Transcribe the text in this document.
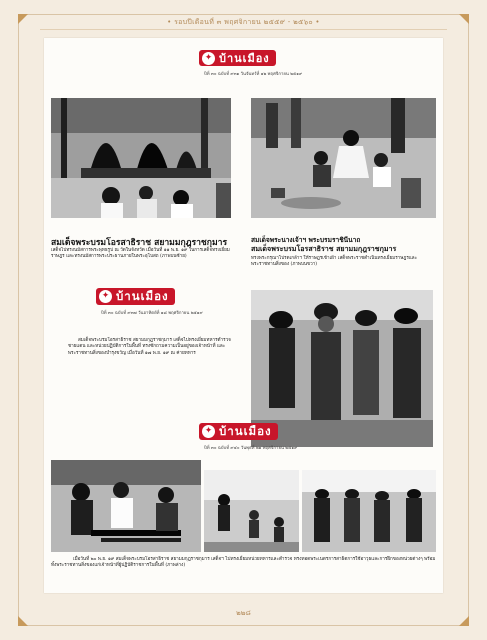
• รอบปีเดือนที่ ๓ พฤศจิกายน ๒๕๕๙ - ๒๕๖๐ •
✦ บ้านเมือง
ปีที่ ๓๐ ฉบับที่ ๙๓๑ วันจันทร์ที่ ๑๒ พฤศจิกายน ๒๕๑๙
สมเด็จพระบรมโอรสาธิราช สยามมกุฎราชกุมาร
เสด็จไปทรงนมัสการพระพุทธรูป ณ วัดในจังหวัด เมื่อวันที่ ๑๑ พ.ย. ๑๙ ในการเสด็จทรงเยี่ยมราษฎร และทรงนมัสการพระประธานภายในพระอุโบสถ (ภาพบนซ้าย)
สมเด็จพระนางเจ้าฯ พระบรมราชินีนาถ
สมเด็จพระบรมโอรสาธิราช สยามมกุฎราชกุมาร
ทรงพระกรุณาโปรดเกล้าฯ ให้ราษฎรเข้าเฝ้า เสด็จพระราชดำเนินทรงเยี่ยมราษฎรและพระราชทานสิ่งของ (ภาพบนขวา)
✦ บ้านเมือง
ปีที่ ๓๐ ฉบับที่ ๙๓๗ วันอาทิตย์ที่ ๑๘ พฤศจิกายน ๒๕๑๙
สมเด็จพระบรมโอรสาธิราช สยามมกุฎราชกุมาร เสด็จไปทรงเยี่ยมทหารตำรวจชายแดน และหน่วยปฏิบัติการในพื้นที่ ทรงซักถามความเป็นอยู่ของเจ้าหน้าที่ และพระราชทานสิ่งของบำรุงขวัญ เมื่อวันที่ ๑๗ พ.ย. ๑๙ ณ ค่ายทหาร
✦ บ้านเมือง
ปีที่ ๓๐ ฉบับที่ ๙๔๐ วันพุธที่ ๒๑ พฤศจิกายน ๒๕๑๙
เมื่อวันที่ ๒๐ พ.ย. ๑๙ สมเด็จพระบรมโอรสาธิราช สยามมกุฎราชกุมาร เสด็จฯ ไปทรงเยี่ยมหน่วยทหารและตำรวจ ทรงทอดพระเนตรการสาธิตการใช้อาวุธและการฝึกของหน่วยต่างๆ พร้อมทั้งพระราชทานสิ่งของแก่เจ้าหน้าที่ผู้ปฏิบัติราชการในพื้นที่ (ภาพล่าง)
๒๒๘
